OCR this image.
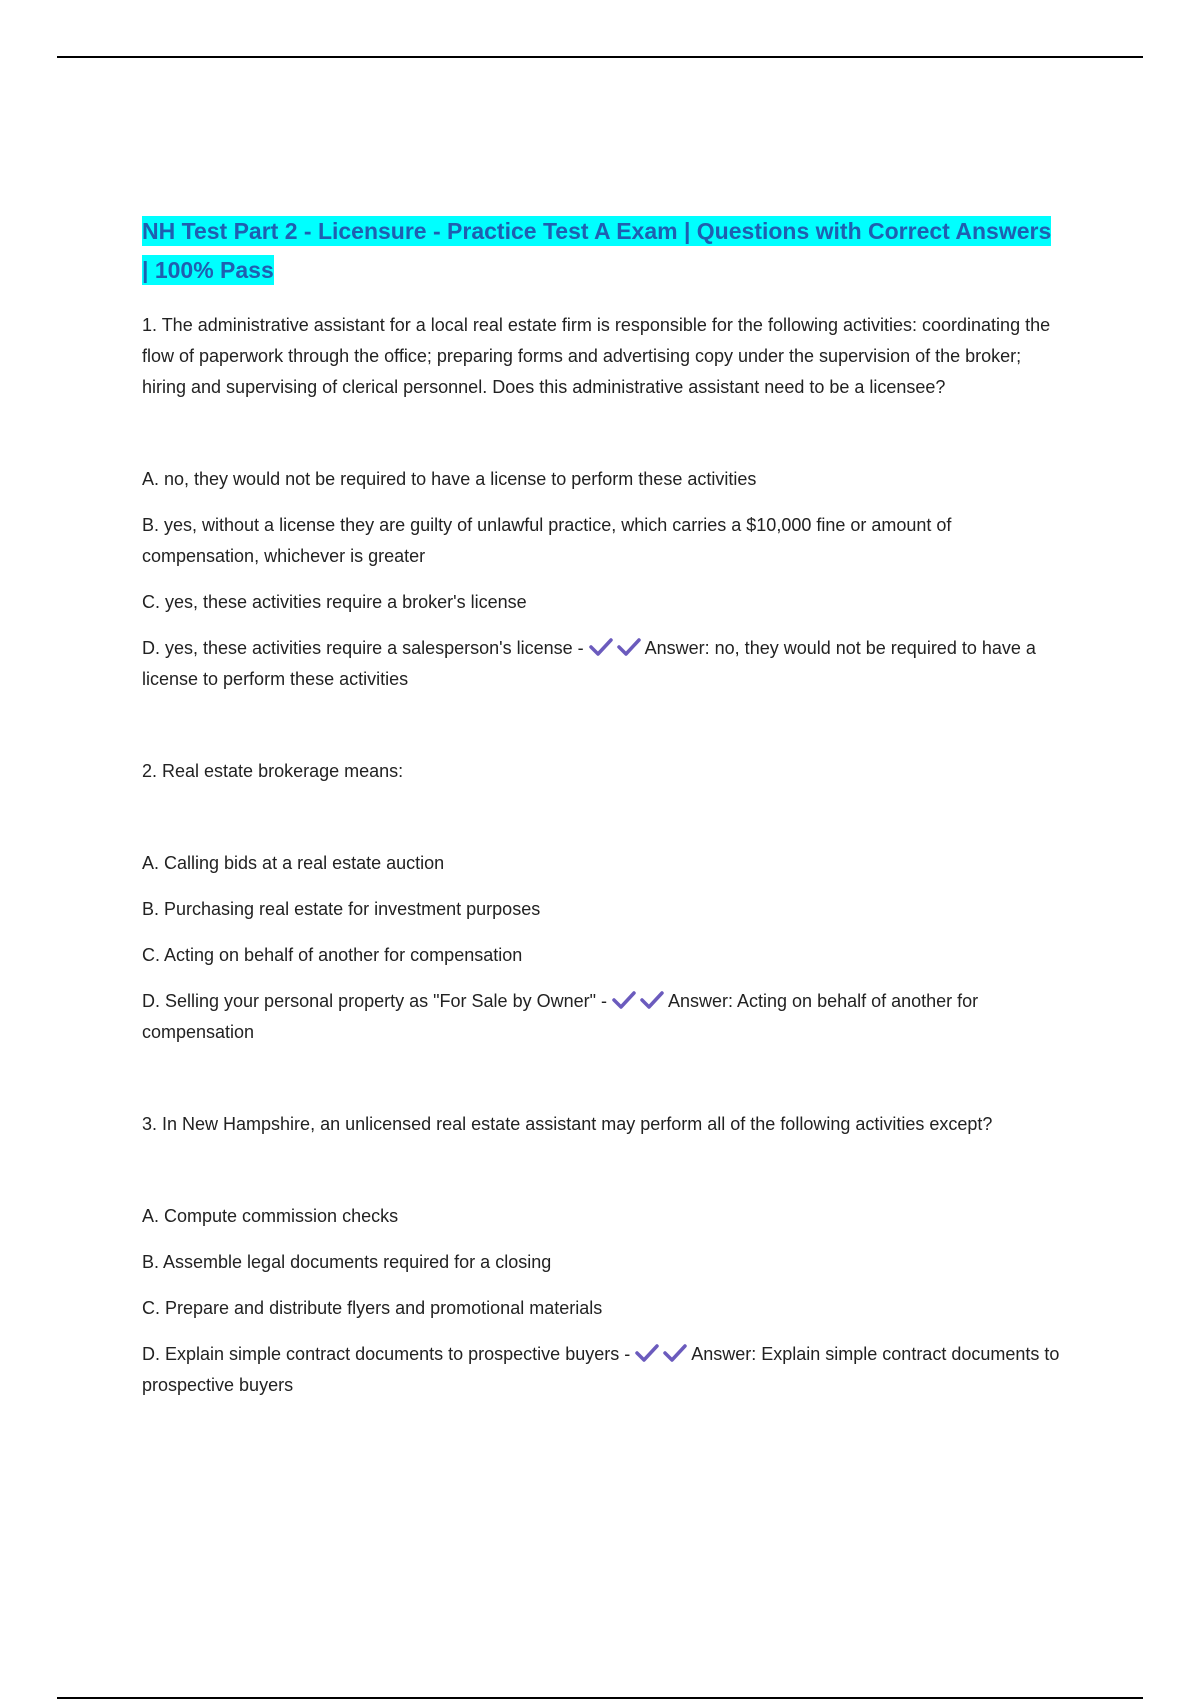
NH Test Part 2 - Licensure - Practice Test A Exam | Questions with Correct Answers | 100% Pass

1. The administrative assistant for a local real estate firm is responsible for the following activities: coordinating the flow of paperwork through the office; preparing forms and advertising copy under the supervision of the broker; hiring and supervising of clerical personnel. Does this administrative assistant need to be a licensee?

A. no, they would not be required to have a license to perform these activities

B. yes, without a license they are guilty of unlawful practice, which carries a $10,000 fine or amount of compensation, whichever is greater

C. yes, these activities require a broker's license

D. yes, these activities require a salesperson's license -	Answer: no, they would not be required to have a license to perform these activities

2. Real estate brokerage means:

A. Calling bids at a real estate auction

B. Purchasing real estate for investment purposes

C. Acting on behalf of another for compensation

D. Selling your personal property as "For Sale by Owner" -	Answer: Acting on behalf of another for compensation

3. In New Hampshire, an unlicensed real estate assistant may perform all of the following activities except?

A. Compute commission checks

B. Assemble legal documents required for a closing

C. Prepare and distribute flyers and promotional materials

D. Explain simple contract documents to prospective buyers -	Answer: Explain simple contract documents to prospective buyers
